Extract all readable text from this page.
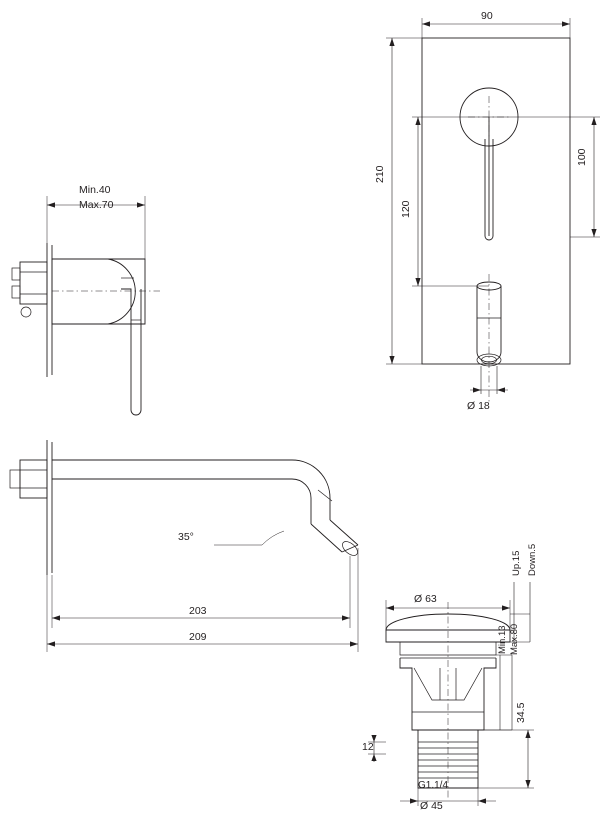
90
210
120
100
Ø 18
Min.40
Max.70
35°
203
209
Ø 63
Up.15 Down.5
Min.13 Max.80
34.5
12
G1.1/4
Ø 45
